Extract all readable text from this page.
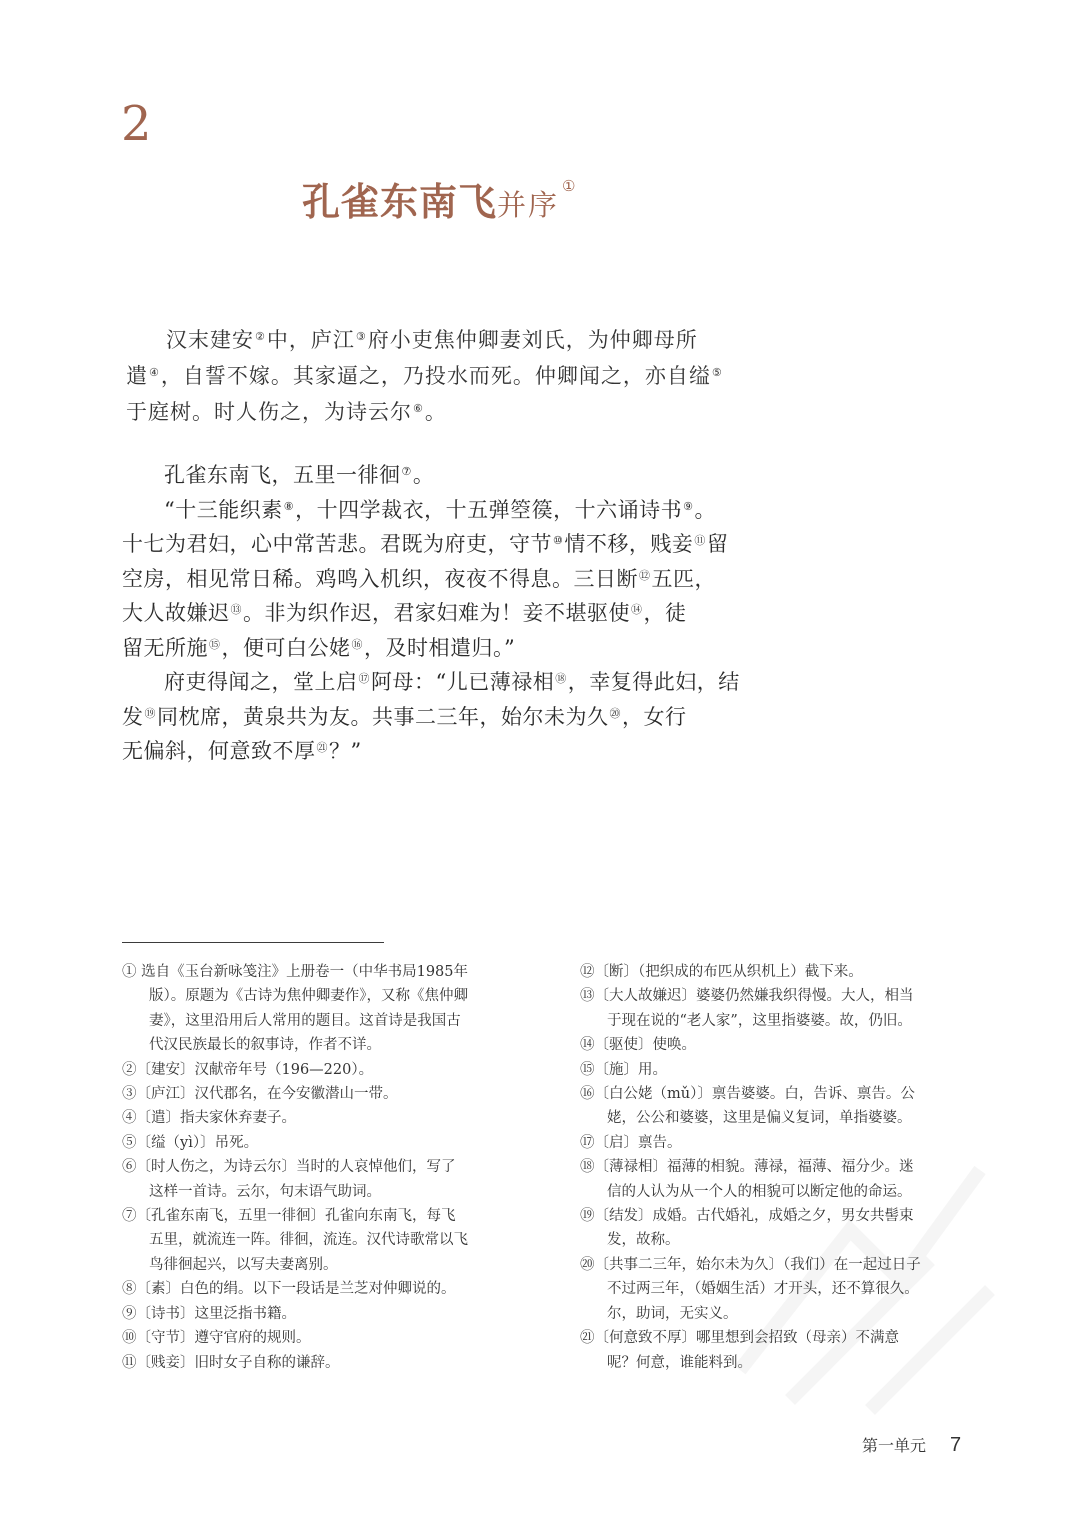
2
孔雀东南飞并序①
汉末建安②中，庐江③府小吏焦仲卿妻刘氏，为仲卿母所
遣④，自誓不嫁。其家逼之，乃投水而死。仲卿闻之，亦自缢⑤
于庭树。时人伤之，为诗云尔⑥。
孔雀东南飞，五里一徘徊⑦。
“十三能织素⑧，十四学裁衣，十五弹箜篌，十六诵诗书⑨。
十七为君妇，心中常苦悲。君既为府吏，守节⑩情不移，贱妾⑪留
空房，相见常日稀。鸡鸣入机织，夜夜不得息。三日断⑫五匹，
大人故嫌迟⑬。非为织作迟，君家妇难为！妾不堪驱使⑭，徒
留无所施⑮，便可白公姥⑯，及时相遣归。”
府吏得闻之，堂上启⑰阿母：“儿已薄禄相⑱，幸复得此妇，结
发⑲同枕席，黄泉共为友。共事二三年，始尔未为久⑳，女行
无偏斜，何意致不厚$^㉑$？”
① 选自《玉台新咏笺注》上册卷一（中华书局1985年
版）。原题为《古诗为焦仲卿妻作》，又称《焦仲卿
妻》，这里沿用后人常用的题目。这首诗是我国古
代汉民族最长的叙事诗，作者不详。
②〔建安〕汉献帝年号（196—220）。
③〔庐江〕汉代郡名，在今安徽潜山一带。
④〔遣〕指夫家休弃妻子。
⑤〔缢（yì）〕吊死。
⑥〔时人伤之，为诗云尔〕当时的人哀悼他们，写了
这样一首诗。云尔，句末语气助词。
⑦〔孔雀东南飞，五里一徘徊〕孔雀向东南飞，每飞
五里，就流连一阵。徘徊，流连。汉代诗歌常以飞
鸟徘徊起兴，以写夫妻离别。
⑧〔素〕白色的绢。以下一段话是兰芝对仲卿说的。
⑨〔诗书〕这里泛指书籍。
⑩〔守节〕遵守官府的规则。
⑪〔贱妾〕旧时女子自称的谦辞。
⑫〔断〕（把织成的布匹从织机上）截下来。
⑬〔大人故嫌迟〕婆婆仍然嫌我织得慢。大人，相当
于现在说的“老人家”，这里指婆婆。故，仍旧。
⑭〔驱使〕使唤。
⑮〔施〕用。
⑯〔白公姥（mǔ）〕禀告婆婆。白，告诉、禀告。公
姥，公公和婆婆，这里是偏义复词，单指婆婆。
⑰〔启〕禀告。
⑱〔薄禄相〕福薄的相貌。薄禄，福薄、福分少。迷
信的人认为从一个人的相貌可以断定他的命运。
⑲〔结发〕成婚。古代婚礼，成婚之夕，男女共髻束
发，故称。
⑳〔共事二三年，始尔未为久〕（我们）在一起过日子
不过两三年，（婚姻生活）才开头，还不算很久。
尔，助词，无实义。
㉑〔何意致不厚〕哪里想到会招致（母亲）不满意
呢？何意，谁能料到。
第一单元 7
